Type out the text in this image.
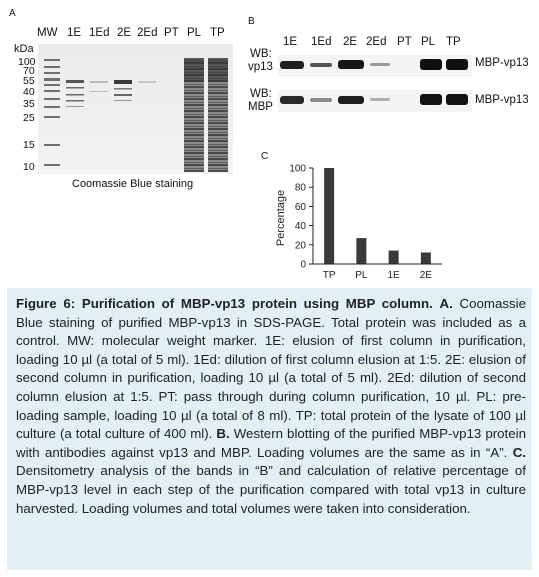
A
MW 1E 1Ed 2E 2Ed PT PL TP
kDa
100
70
55
40
35
25
15
10
Coomassie Blue staining
B
1E 1Ed 2E 2Ed PT PL TP
WB:
vp13	MBP-vp13
WB:
MBP
MBP-vp13
C
0
20
40
60
80
100
TP PL 1E 2E
Percentage
Figure 6: Purification of MBP-vp13 protein using MBP column. A. Coomassie Blue staining of purified MBP-vp13 in SDS-PAGE. Total protein was included as a control. MW: molecular weight marker. 1E: elusion of first column in purification, loading 10 µl (a total of 5 ml). 1Ed: dilution of first column elusion at 1:5. 2E: elusion of second column in purification, loading 10 µl (a total of 5 ml). 2Ed: dilution of second column elusion at 1:5. PT: pass through during column purification, 10 µl. PL: pre-loading sample, loading 10 µl (a total of 8 ml). TP: total protein of the lysate of 100 µl culture (a total culture of 400 ml). B. Western blotting of the purified MBP-vp13 protein with antibodies against vp13 and MBP. Loading volumes are the same as in “A”. C. Densitometry analysis of the bands in “B” and calculation of relative percentage of MBP-vp13 level in each step of the purification compared with total vp13 in culture harvested. Loading volumes and total volumes were taken into consideration.
